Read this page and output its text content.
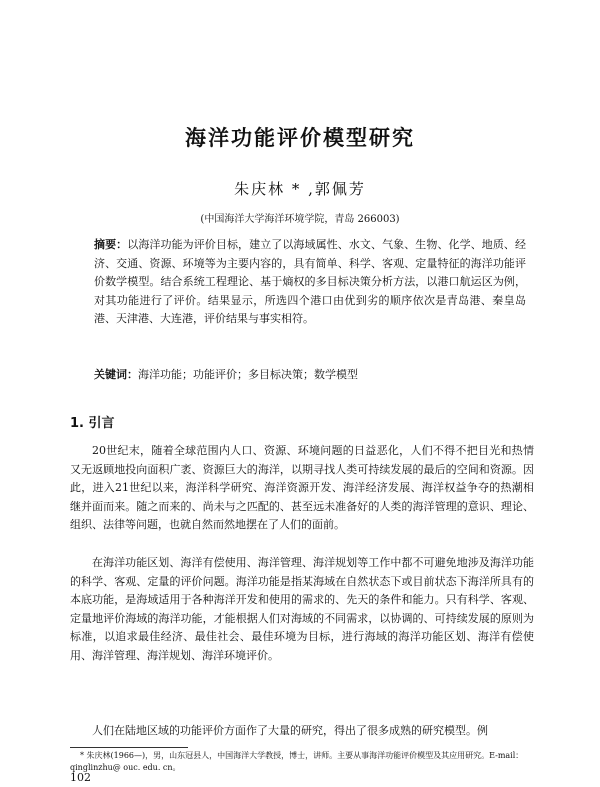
海洋功能评价模型研究
朱庆林 * ,郭佩芳
(中国海洋大学海洋环境学院，青岛 266003)
摘要：以海洋功能为评价目标，建立了以海域属性、水文、气象、生物、化学、地质、经济、交通、资源、环境等为主要内容的，具有简单、科学、客观、定量特征的海洋功能评价数学模型。结合系统工程理论、基于熵权的多目标决策分析方法，以港口航运区为例，对其功能进行了评价。结果显示，所选四个港口由优到劣的顺序依次是青岛港、秦皇岛港、天津港、大连港，评价结果与事实相符。
关键词：海洋功能；功能评价；多目标决策；数学模型
1. 引言
20世纪末，随着全球范围内人口、资源、环境问题的日益恶化，人们不得不把目光和热情又无返顾地投向面积广袤、资源巨大的海洋，以期寻找人类可持续发展的最后的空间和资源。因此，进入21世纪以来，海洋科学研究、海洋资源开发、海洋经济发展、海洋权益争夺的热潮相继并面而来。随之而来的、尚未与之匹配的、甚至远未准备好的人类的海洋管理的意识、理论、组织、法律等问题，也就自然而然地摆在了人们的面前。
在海洋功能区划、海洋有偿使用、海洋管理、海洋规划等工作中都不可避免地涉及海洋功能的科学、客观、定量的评价问题。海洋功能是指某海域在自然状态下或目前状态下海洋所具有的本底功能，是海域适用于各种海洋开发和使用的需求的、先天的条件和能力。只有科学、客观、定量地评价海域的海洋功能，才能根据人们对海域的不同需求，以协调的、可持续发展的原则为标准，以追求最佳经济、最佳社会、最佳环境为目标，进行海域的海洋功能区划、海洋有偿使用、海洋管理、海洋规划、海洋环境评价。
人们在陆地区域的功能评价方面作了大量的研究，得出了很多成熟的研究模型。例
* 朱庆林(1966—)，男，山东冠县人，中国海洋大学教授，博士，讲师。主要从事海洋功能评价模型及其应用研究。E-mail：qinglinzhu@ ouc. edu. cn。
102
